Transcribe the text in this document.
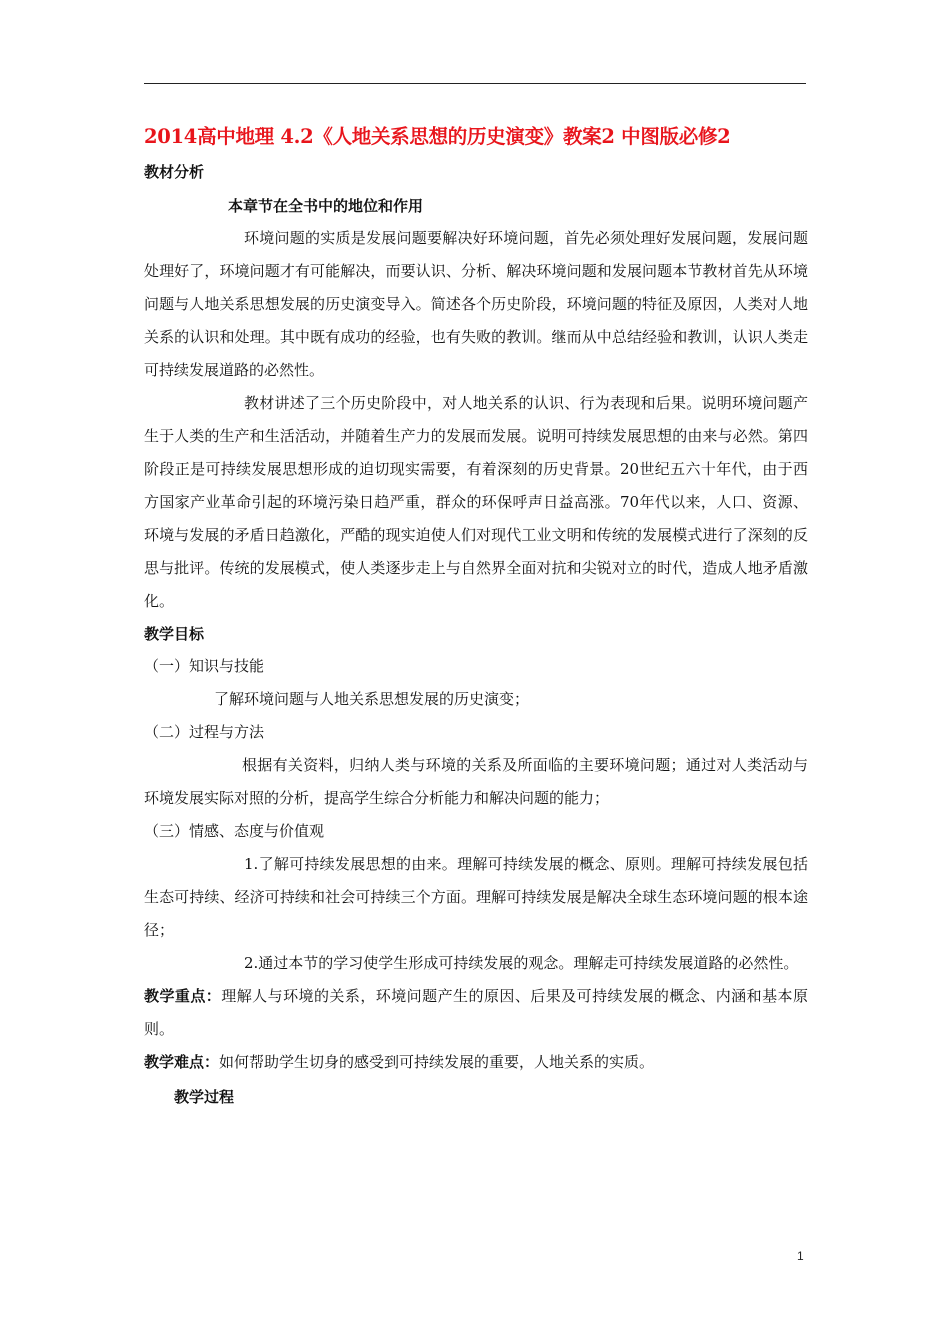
2014高中地理 4.2《人地关系思想的历史演变》教案2 中图版必修2
教材分析
本章节在全书中的地位和作用

环境问题的实质是发展问题要解决好环境问题，首先必须处理好发展问题，发展问题处理好了，环境问题才有可能解决，而要认识、分析、解决环境问题和发展问题本节教材首先从环境问题与人地关系思想发展的历史演变导入。简述各个历史阶段，环境问题的特征及原因，人类对人地关系的认识和处理。其中既有成功的经验，也有失败的教训。继而从中总结经验和教训，认识人类走可持续发展道路的必然性。

教材讲述了三个历史阶段中，对人地关系的认识、行为表现和后果。说明环境问题产生于人类的生产和生活活动，并随着生产力的发展而发展。说明可持续发展思想的由来与必然。第四阶段正是可持续发展思想形成的迫切现实需要，有着深刻的历史背景。20世纪五六十年代，由于西方国家产业革命引起的环境污染日趋严重，群众的环保呼声日益高涨。70年代以来，人口、资源、环境与发展的矛盾日趋激化，严酷的现实迫使人们对现代工业文明和传统的发展模式进行了深刻的反思与批评。传统的发展模式，使人类逐步走上与自然界全面对抗和尖锐对立的时代，造成人地矛盾激化。

教学目标
（一）知识与技能

了解环境问题与人地关系思想发展的历史演变；

（二）过程与方法

根据有关资料，归纳人类与环境的关系及所面临的主要环境问题；通过对人类活动与环境发展实际对照的分析，提高学生综合分析能力和解决问题的能力；

（三）情感、态度与价值观

1.了解可持续发展思想的由来。理解可持续发展的概念、原则。理解可持续发展包括生态可持续、经济可持续和社会可持续三个方面。理解可持续发展是解决全球生态环境问题的根本途径；

2.通过本节的学习使学生形成可持续发展的观念。理解走可持续发展道路的必然性。

教学重点：理解人与环境的关系，环境问题产生的原因、后果及可持续发展的概念、内涵和基本原则。

教学难点：如何帮助学生切身的感受到可持续发展的重要，人地关系的实质。

教学过程
1
